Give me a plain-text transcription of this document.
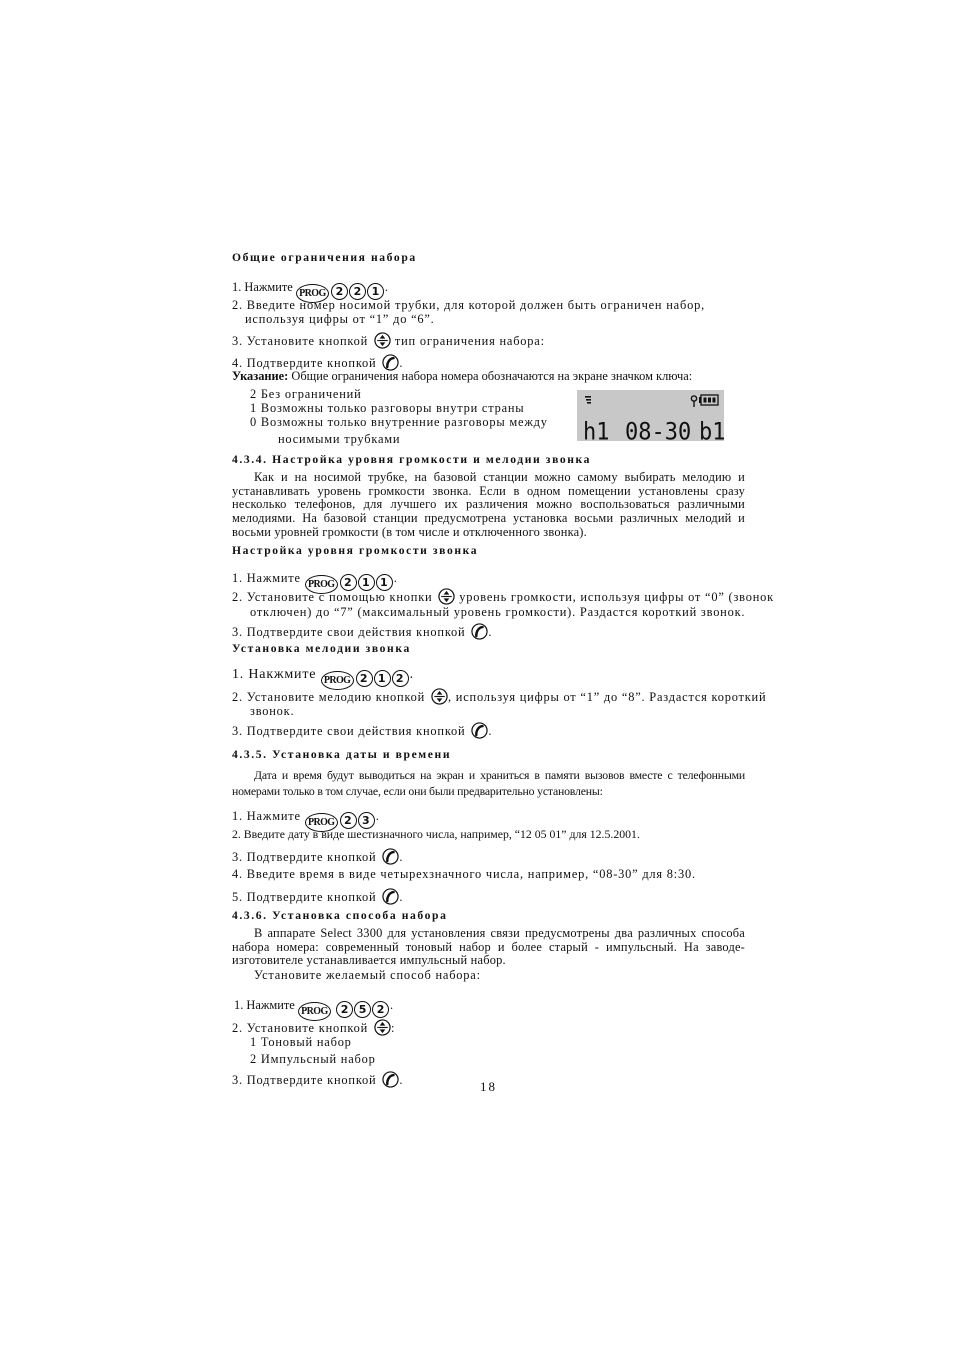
Общие ограничения набора
1. Нажмите PROG 2 2 1 .
2. Введите номер носимой трубки, для которой должен быть ограничен набор,
используя цифры от “1” до “6”.
3. Установите кнопкой тип ограничения набора:
4. Подтвердите кнопкой .
Указание: Общие ограничения набора номера обозначаются на экране значком ключа:
2 Без ограничений
1 Возможны только разговоры внутри страны
0 Возможны только внутренние разговоры между
носимыми трубками	h1 08-30 b1
4.3.4. Настройка уровня громкости и мелодии звонка
Как и на носимой трубке, на базовой станции можно самому выбирать мелодию и устанавливать уровень громкости звонка. Если в одном помещении установлены сразу несколько телефонов, для лучшего их различения можно воспользоваться различными мелодиями. На базовой станции предусмотрена установка восьми различных мелодий и восьми уровней громкости (в том числе и отключенного звонка).
Настройка уровня громкости звонка
1. Нажмите PROG 2 1 1 .
2. Установите с помощью кнопки уровень громкости, используя цифры от “0” (звонок
отключен) до “7” (максимальный уровень громкости). Раздастся короткий звонок.
3. Подтвердите свои действия кнопкой .
Установка мелодии звонка
1. Накжмите PROG 2 1 2 .
2. Установите мелодию кнопкой , используя цифры от “1” до “8”. Раздастся короткий
звонок.
3. Подтвердите свои действия кнопкой .
4.3.5. Установка даты и времени
Дата и время будут выводиться на экран и храниться в памяти вызовов вместе с телефонными номерами только в том случае, если они были предварительно установлены:
1. Нажмите PROG 2 3 .
2. Введите дату в виде шестизначного числа, например, “12 05 01” для 12.5.2001.
3. Подтвердите кнопкой .
4. Введите время в виде четырехзначного числа, например, “08-30” для 8:30.
5. Подтвердите кнопкой .
4.3.6. Установка способа набора
В аппарате Select 3300 для установления связи предусмотрены два различных способа набора номера: современный тоновый набор и более старый - импульсный. На заводе-изготовителе устанавливается импульсный набор.
Установите желаемый способ набора:
1. Нажмите PROG 2 5 2 .
2. Установите кнопкой :
1 Тоновый набор
2 Импульсный набор
3. Подтвердите кнопкой .	18
